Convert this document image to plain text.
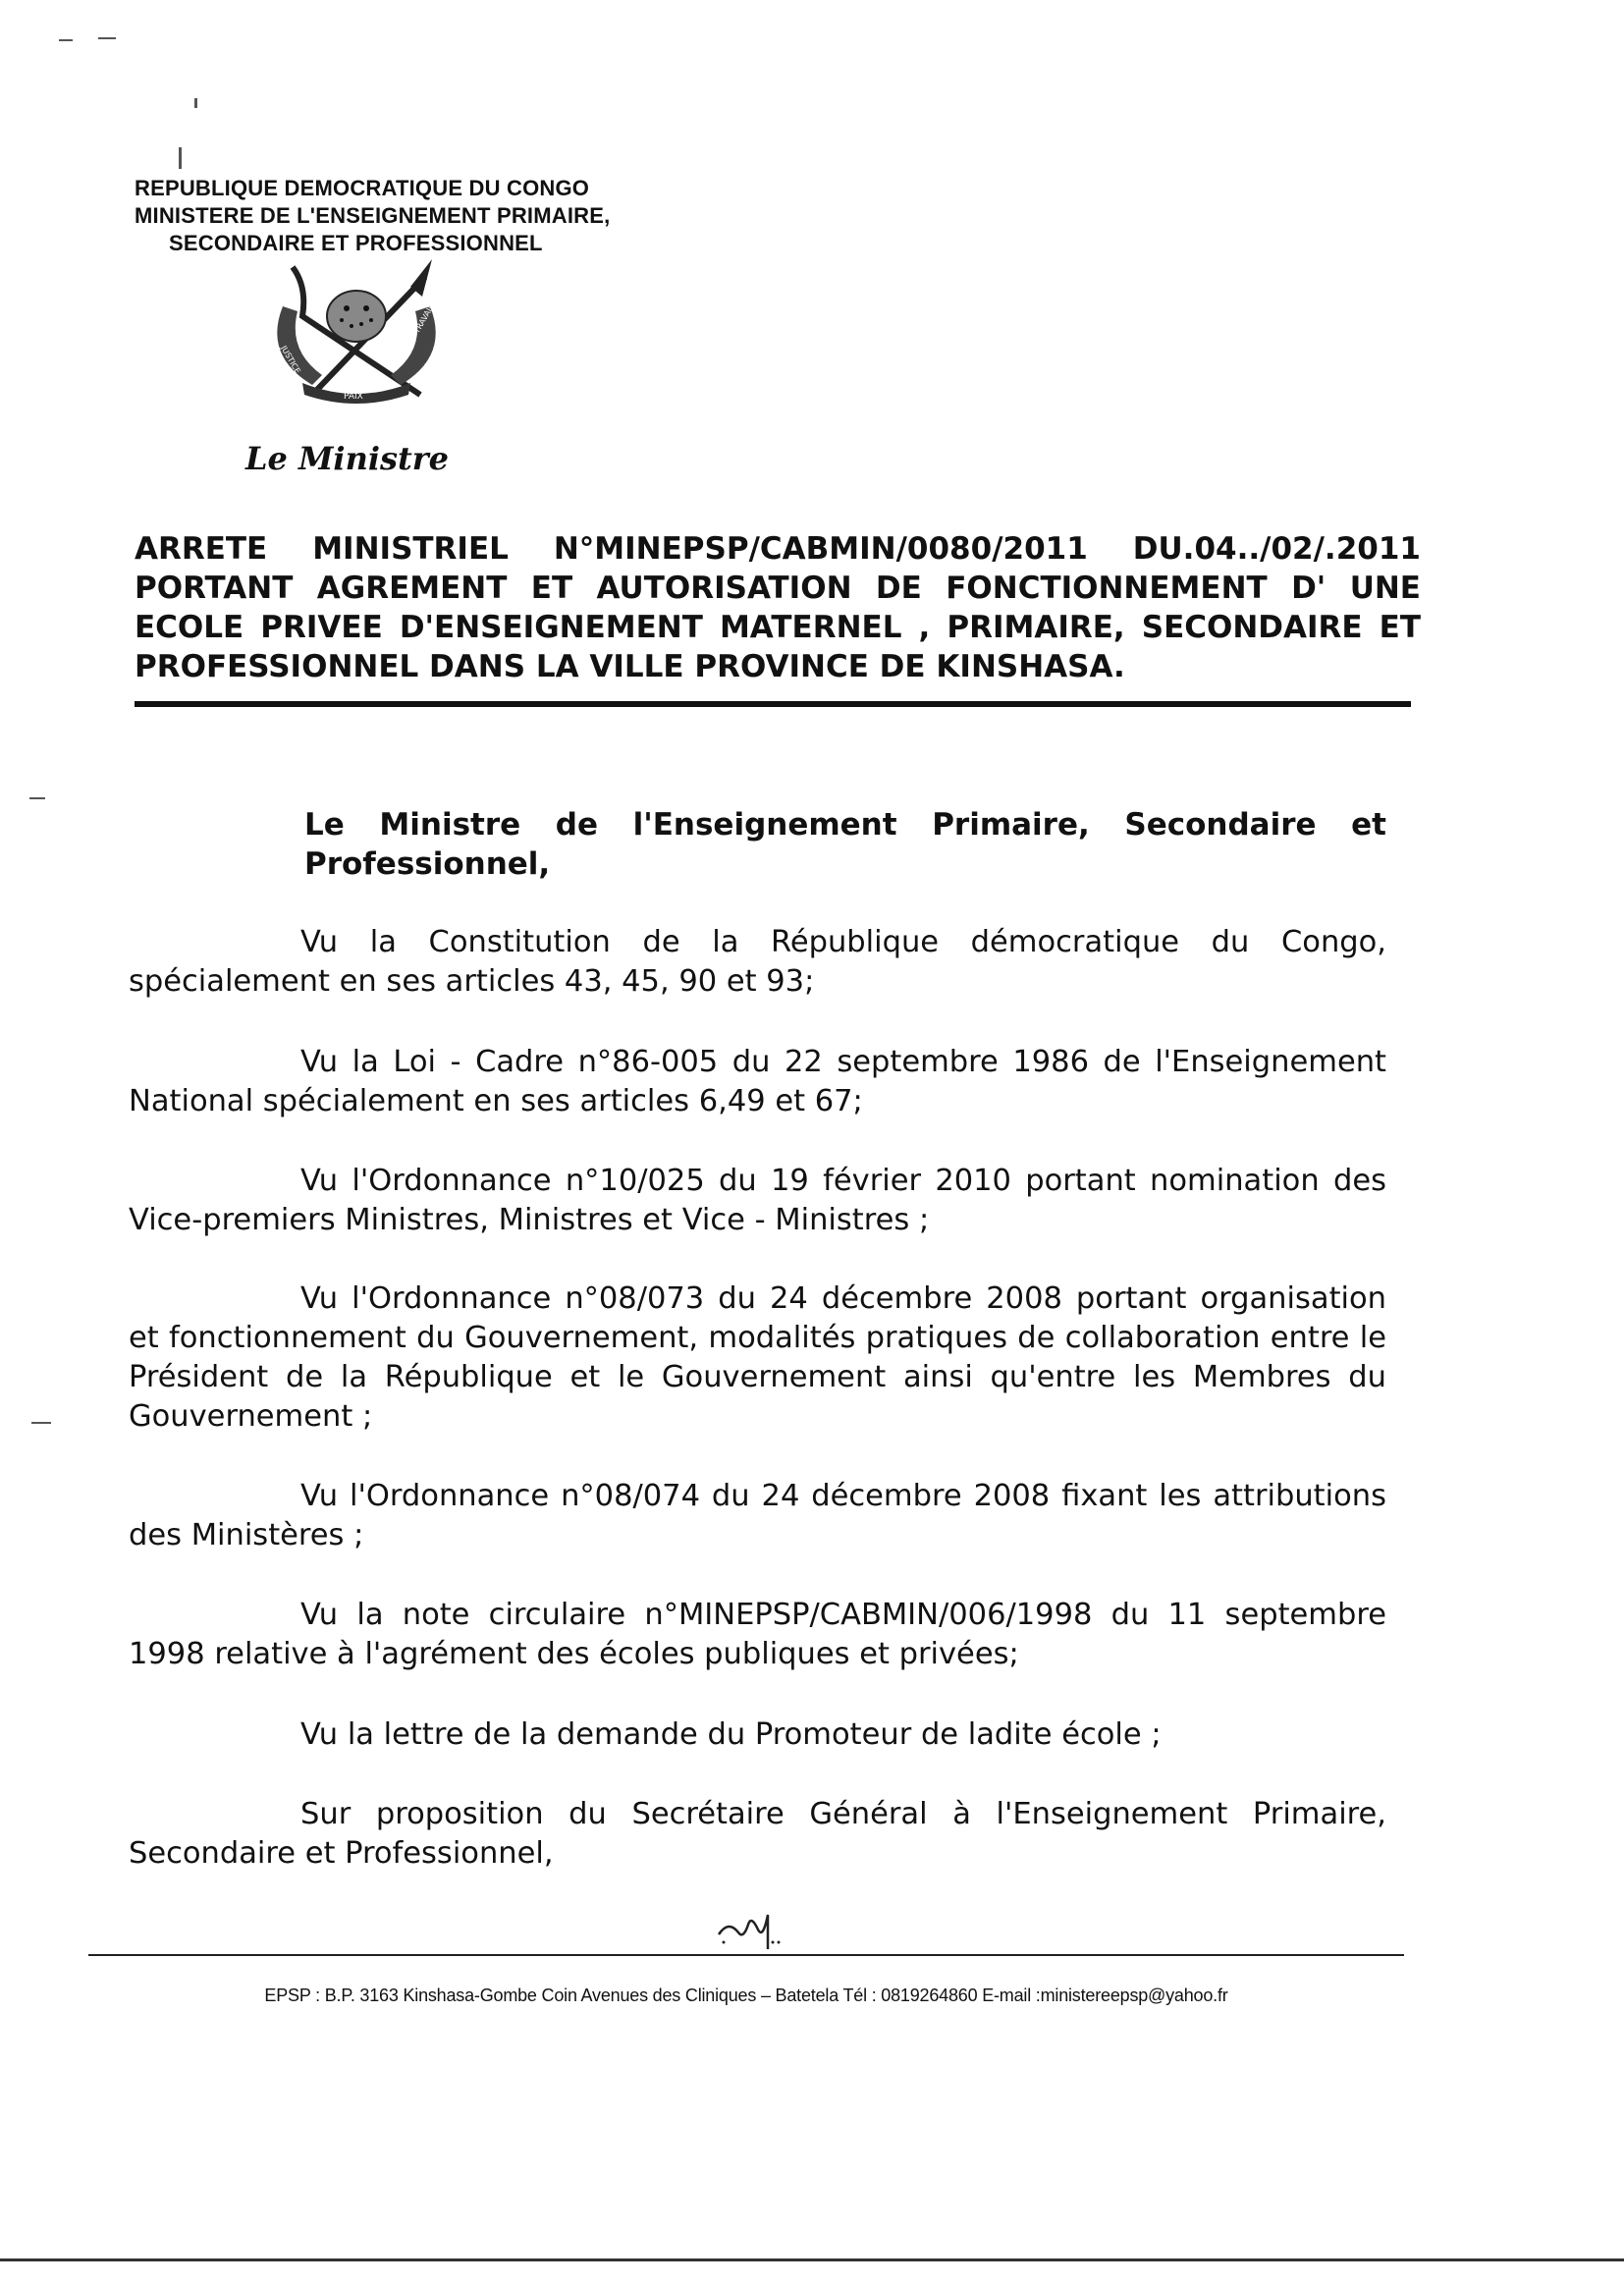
REPUBLIQUE DEMOCRATIQUE DU CONGO
MINISTERE DE L'ENSEIGNEMENT PRIMAIRE,
SECONDAIRE ET PROFESSIONNEL
JUSTICE
PAIX
TRAVAIL
Le Ministre
ARRETE MINISTRIEL N°MINEPSP/CABMIN/0080/2011 DU.04../02/.2011
PORTANT AGREMENT ET AUTORISATION DE FONCTIONNEMENT D' UNE
ECOLE PRIVEE D'ENSEIGNEMENT MATERNEL , PRIMAIRE, SECONDAIRE ET
PROFESSIONNEL DANS LA VILLE PROVINCE DE KINSHASA.

Le Ministre de l'Enseignement Primaire, Secondaire et Professionnel,

Vu la Constitution de la République démocratique du Congo, spécialement en ses articles 43, 45, 90 et 93;

Vu la Loi - Cadre n°86-005 du 22 septembre 1986 de l'Enseignement National spécialement en ses articles 6,49 et 67;

Vu l'Ordonnance n°10/025 du 19 février 2010 portant nomination des Vice-premiers Ministres, Ministres et Vice - Ministres ;

Vu l'Ordonnance n°08/073 du 24 décembre 2008 portant organisation et fonctionnement du Gouvernement, modalités pratiques de collaboration entre le Président de la République et le Gouvernement ainsi qu'entre les Membres du Gouvernement ;

Vu l'Ordonnance n°08/074 du 24 décembre 2008 fixant les attributions des Ministères ;

Vu la note circulaire n°MINEPSP/CABMIN/006/1998 du 11 septembre 1998 relative à l'agrément des écoles publiques et privées;

Vu la lettre de la demande du Promoteur de ladite école ;

Sur proposition du Secrétaire Général à l'Enseignement Primaire, Secondaire et Professionnel,

EPSP : B.P. 3163 Kinshasa-Gombe Coin Avenues des Cliniques – Batetela Tél : 0819264860 E-mail :ministereepsp@yahoo.fr
